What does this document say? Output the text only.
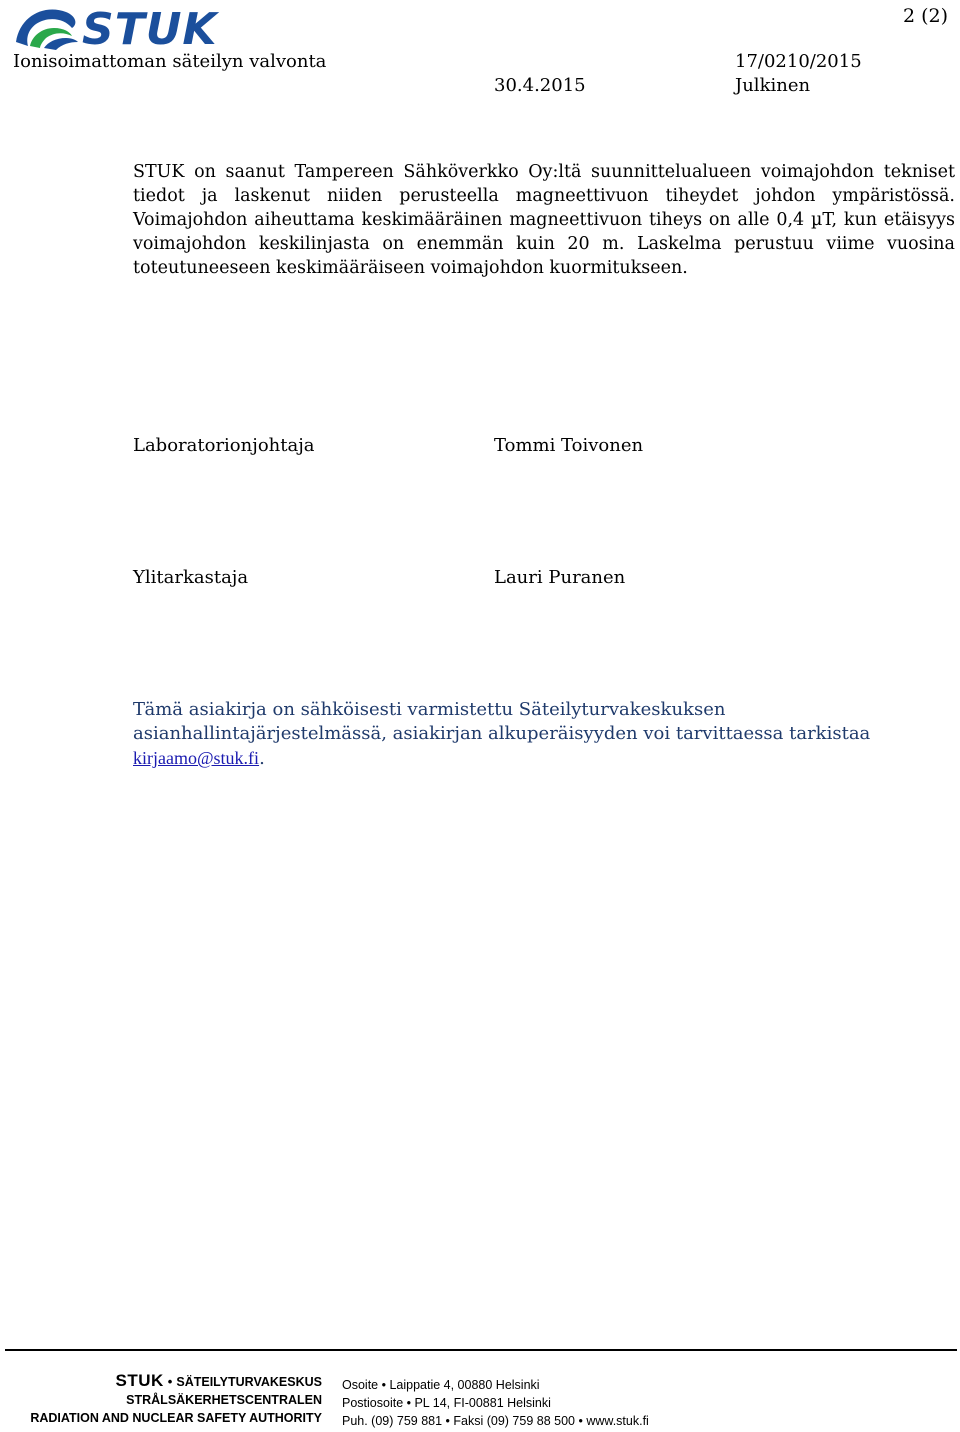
STUK	2 (2)
Ionisoimattoman säteilyn valvonta	17/0210/2015
30.4.2015	Julkinen

STUK on saanut Tampereen Sähköverkko Oy:ltä suunnittelualueen voimajohdon tekniset tiedot ja laskenut niiden perusteella magneettivuon tiheydet johdon ympäristössä. Voimajohdon aiheuttama keskimääräinen magneettivuon tiheys on alle 0,4 µT, kun etäisyys voimajohdon keskilinjasta on enemmän kuin 20 m. Laskelma perustuu viime vuosina toteutuneeseen keskimääräiseen voimajohdon kuormitukseen.

Laboratorionjohtaja	Tommi Toivonen
Ylitarkastaja	Lauri Puranen

Tämä asiakirja on sähköisesti varmistettu Säteilyturvakeskuksen asianhallintajärjestelmässä, asiakirjan alkuperäisyyden voi tarvittaessa tarkistaa kirjaamo@stuk.fi.

STUK • SÄTEILYTURVAKESKUS
STRÅLSÄKERHETSCENTRALEN
RADIATION AND NUCLEAR SAFETY AUTHORITY
Osoite • Laippatie 4, 00880 Helsinki
Postiosoite • PL 14, FI-00881 Helsinki
Puh. (09) 759 881 • Faksi (09) 759 88 500 • www.stuk.fi
